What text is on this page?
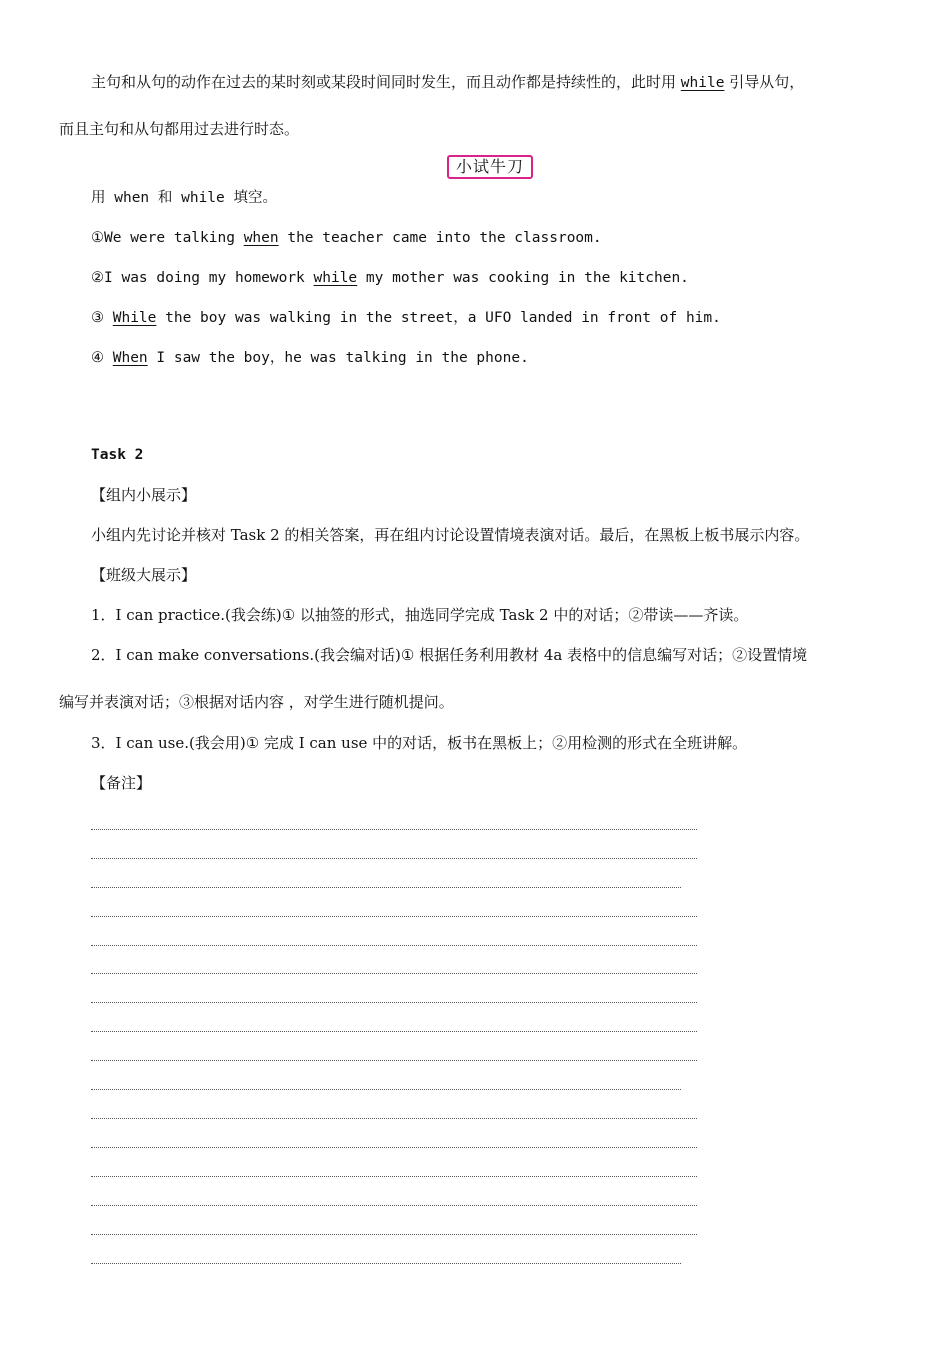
主句和从句的动作在过去的某时刻或某段时间同时发生，而且动作都是持续性的，此时用 while 引导从句，
而且主句和从句都用过去进行时态。
小试牛刀
用 when 和 while 填空。
①We were talking when the teacher came into the classroom.
②I was doing my homework while my mother was cooking in the kitchen.
③ While the boy was walking in the street，a UFO landed in front of him.
④ When I saw the boy，he was talking in the phone.
Task 2
【组内小展示】
小组内先讨论并核对 Task 2 的相关答案，再在组内讨论设置情境表演对话。最后，在黑板上板书展示内容。
【班级大展示】
1．I can practice.(我会练)① 以抽签的形式，抽选同学完成 Task 2 中的对话；②带读——齐读。
2．I can make conversations.(我会编对话)① 根据任务利用教材 4a 表格中的信息编写对话；②设置情境
编写并表演对话；③根据对话内容 ，对学生进行随机提问。
3．I can use.(我会用)① 完成 I can use 中的对话，板书在黑板上；②用检测的形式在全班讲解。
【备注】
